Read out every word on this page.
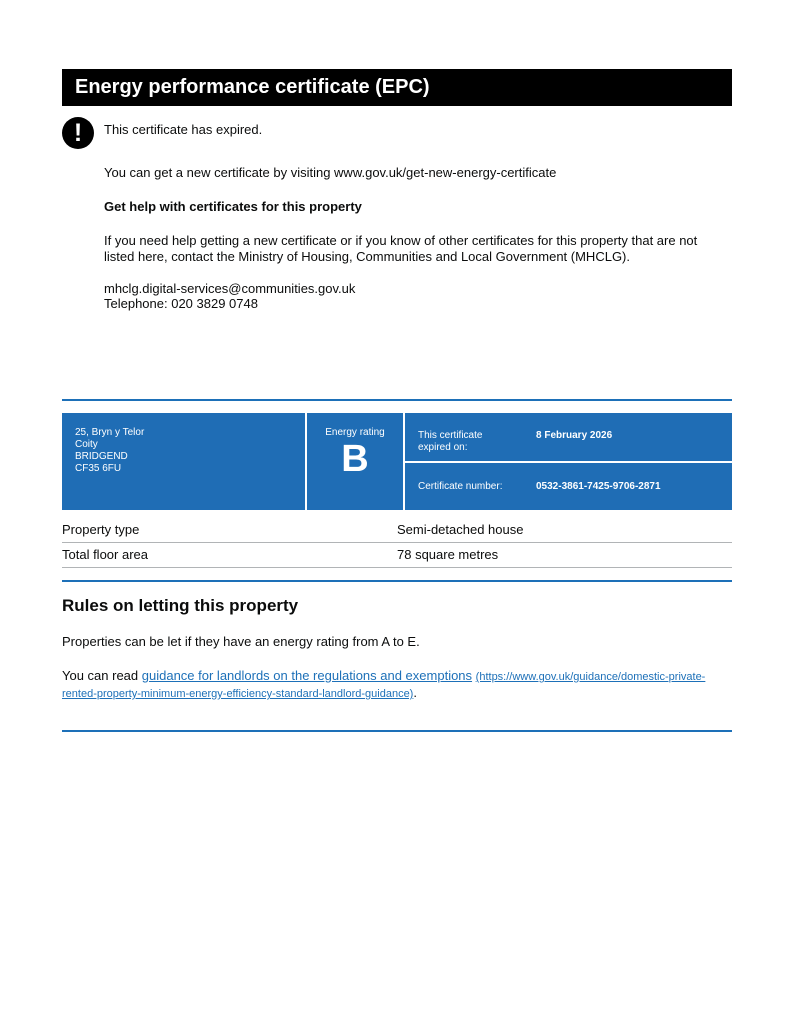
Energy performance certificate (EPC)
!	This certificate has expired.

You can get a new certificate by visiting www.gov.uk/get-new-energy-certificate

Get help with certificates for this property

If you need help getting a new certificate or if you know of other certificates for this property that are not listed here, contact the Ministry of Housing, Communities and Local Government (MHCLG).

mhclg.digital-services@communities.gov.uk

Telephone: 020 3829 0748

25, Bryn y Telor
Coity
BRIDGEND
CF35 6FU
Energy rating
B
This certificate expired on:
8 February 2026
Certificate number:	0532-3861-7425-9706-2871
Property type	Semi-detached house
Total floor area	78 square metres
Rules on letting this property

Properties can be let if they have an energy rating from A to E.

You can read guidance for landlords on the regulations and exemptions (https://www.gov.uk/guidance/domestic-private-rented-property-minimum-energy-efficiency-standard-landlord-guidance).
